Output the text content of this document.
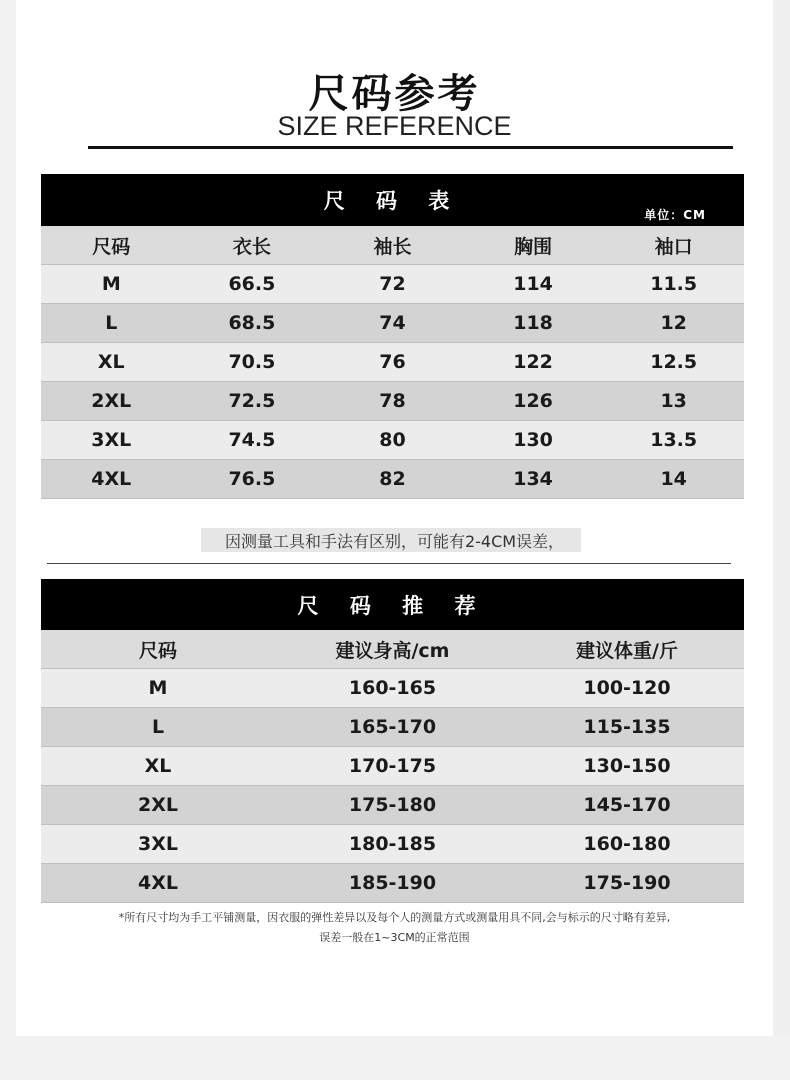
尺码参考
SIZE REFERENCE
尺 码 表
单位：CM
尺码	衣长	袖长	胸围	袖口
M	66.5	72	114	11.5
L	68.5	74	118	12
XL	70.5	76	122	12.5
2XL	72.5	78	126	13
3XL	74.5	80	130	13.5
4XL	76.5	82	134	14
因测量工具和手法有区别，可能有2-4CM误差，
尺 码 推 荐
尺码	建议身高/cm	建议体重/斤
M	160-165	100-120
L	165-170	115-135
XL	170-175	130-150
2XL	175-180	145-170
3XL	180-185	160-180
4XL	185-190	175-190
*所有尺寸均为手工平铺测量，因衣服的弹性差异以及每个人的测量方式或测量用具不同,会与标示的尺寸略有差异,
误差一般在1~3CM的正常范围
